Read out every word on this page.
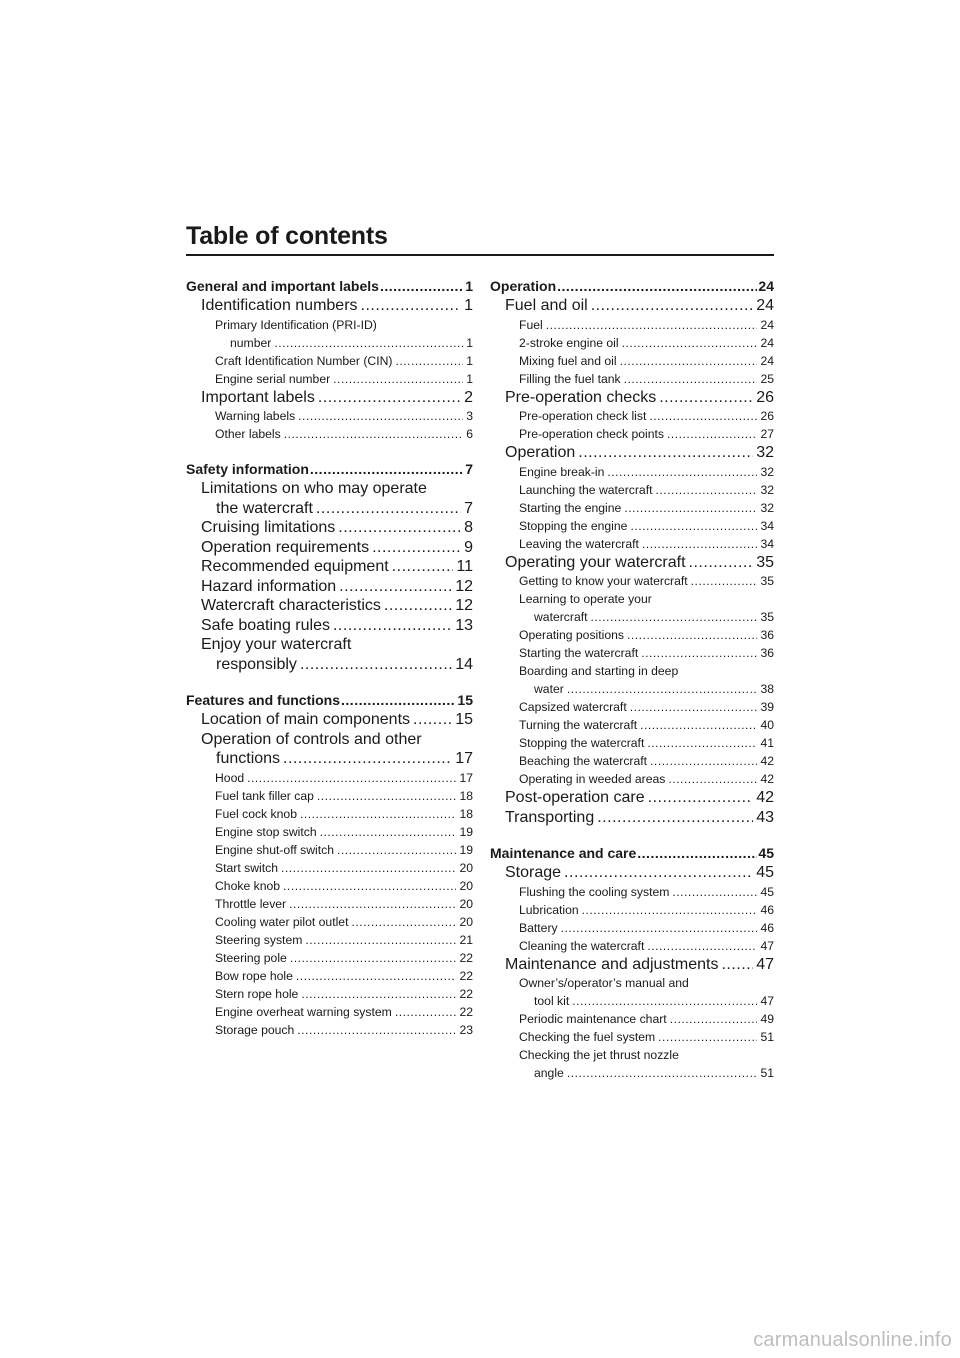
Table of contents
General and important labels .....	1
Identification numbers .....	1
Primary Identification (PRI-ID)
number .....	1
Craft Identification Number (CIN) .....	1
Engine serial number .....	1
Important labels .....	2
Warning labels .....	3
Other labels .....	6
Safety information .....	7
Limitations on who may operate
the watercraft .....	7
Cruising limitations .....	8
Operation requirements .....	9
Recommended equipment .....	11
Hazard information .....	12
Watercraft characteristics .....	12
Safe boating rules .....	13
Enjoy your watercraft
responsibly .....	14
Features and functions .....	15
Location of main components .....	15
Operation of controls and other
functions .....	17
Hood .....	17
Fuel tank filler cap .....	18
Fuel cock knob .....	18
Engine stop switch .....	19
Engine shut-off switch .....	19
Start switch .....	20
Choke knob .....	20
Throttle lever .....	20
Cooling water pilot outlet .....	20
Steering system .....	21
Steering pole .....	22
Bow rope hole .....	22
Stern rope hole .....	22
Engine overheat warning system .....	22
Storage pouch .....	23
Operation .....	24
Fuel and oil .....	24
Fuel .....	24
2-stroke engine oil .....	24
Mixing fuel and oil .....	24
Filling the fuel tank .....	25
Pre-operation checks .....	26
Pre-operation check list .....	26
Pre-operation check points .....	27
Operation .....	32
Engine break-in .....	32
Launching the watercraft .....	32
Starting the engine .....	32
Stopping the engine .....	34
Leaving the watercraft .....	34
Operating your watercraft .....	35
Getting to know your watercraft .....	35
Learning to operate your
watercraft .....	35
Operating positions .....	36
Starting the watercraft .....	36
Boarding and starting in deep
water .....	38
Capsized watercraft .....	39
Turning the watercraft .....	40
Stopping the watercraft .....	41
Beaching the watercraft .....	42
Operating in weeded areas .....	42
Post-operation care .....	42
Transporting .....	43
Maintenance and care .....	45
Storage .....	45
Flushing the cooling system .....	45
Lubrication .....	46
Battery .....	46
Cleaning the watercraft .....	47
Maintenance and adjustments ..... 47
Owner’s/operator’s manual and
tool kit .....	47
Periodic maintenance chart .....	49
Checking the fuel system .....	51
Checking the jet thrust nozzle
angle .....	51
carmanualsonline.info
